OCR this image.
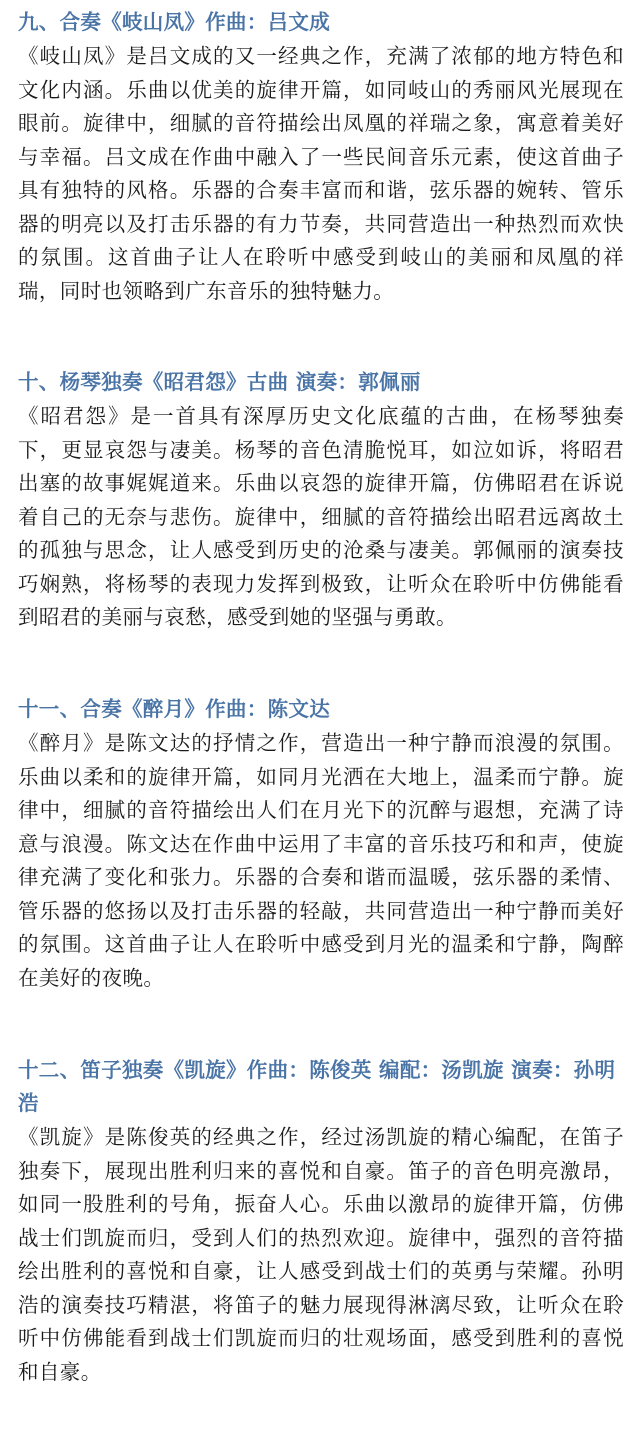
九、合奏《岐山凤》作曲：吕文成

《岐山凤》是吕文成的又一经典之作，充满了浓郁的地方特色和文化内涵。乐曲以优美的旋律开篇，如同岐山的秀丽风光展现在眼前。旋律中，细腻的音符描绘出凤凰的祥瑞之象，寓意着美好与幸福。吕文成在作曲中融入了一些民间音乐元素，使这首曲子具有独特的风格。乐器的合奏丰富而和谐，弦乐器的婉转、管乐器的明亮以及打击乐器的有力节奏，共同营造出一种热烈而欢快的氛围。这首曲子让人在聆听中感受到岐山的美丽和凤凰的祥瑞，同时也领略到广东音乐的独特魅力。

十、杨琴独奏《昭君怨》古曲 演奏：郭佩丽

《昭君怨》是一首具有深厚历史文化底蕴的古曲，在杨琴独奏下，更显哀怨与凄美。杨琴的音色清脆悦耳，如泣如诉，将昭君出塞的故事娓娓道来。乐曲以哀怨的旋律开篇，仿佛昭君在诉说着自己的无奈与悲伤。旋律中，细腻的音符描绘出昭君远离故土的孤独与思念，让人感受到历史的沧桑与凄美。郭佩丽的演奏技巧娴熟，将杨琴的表现力发挥到极致，让听众在聆听中仿佛能看到昭君的美丽与哀愁，感受到她的坚强与勇敢。

十一、合奏《醉月》作曲：陈文达

《醉月》是陈文达的抒情之作，营造出一种宁静而浪漫的氛围。乐曲以柔和的旋律开篇，如同月光洒在大地上，温柔而宁静。旋律中，细腻的音符描绘出人们在月光下的沉醉与遐想，充满了诗意与浪漫。陈文达在作曲中运用了丰富的音乐技巧和和声，使旋律充满了变化和张力。乐器的合奏和谐而温暖，弦乐器的柔情、管乐器的悠扬以及打击乐器的轻敲，共同营造出一种宁静而美好的氛围。这首曲子让人在聆听中感受到月光的温柔和宁静，陶醉在美好的夜晚。

十二、笛子独奏《凯旋》作曲：陈俊英 编配：汤凯旋 演奏：孙明浩

《凯旋》是陈俊英的经典之作，经过汤凯旋的精心编配，在笛子独奏下，展现出胜利归来的喜悦和自豪。笛子的音色明亮激昂，如同一股胜利的号角，振奋人心。乐曲以激昂的旋律开篇，仿佛战士们凯旋而归，受到人们的热烈欢迎。旋律中，强烈的音符描绘出胜利的喜悦和自豪，让人感受到战士们的英勇与荣耀。孙明浩的演奏技巧精湛，将笛子的魅力展现得淋漓尽致，让听众在聆听中仿佛能看到战士们凯旋而归的壮观场面，感受到胜利的喜悦和自豪。
